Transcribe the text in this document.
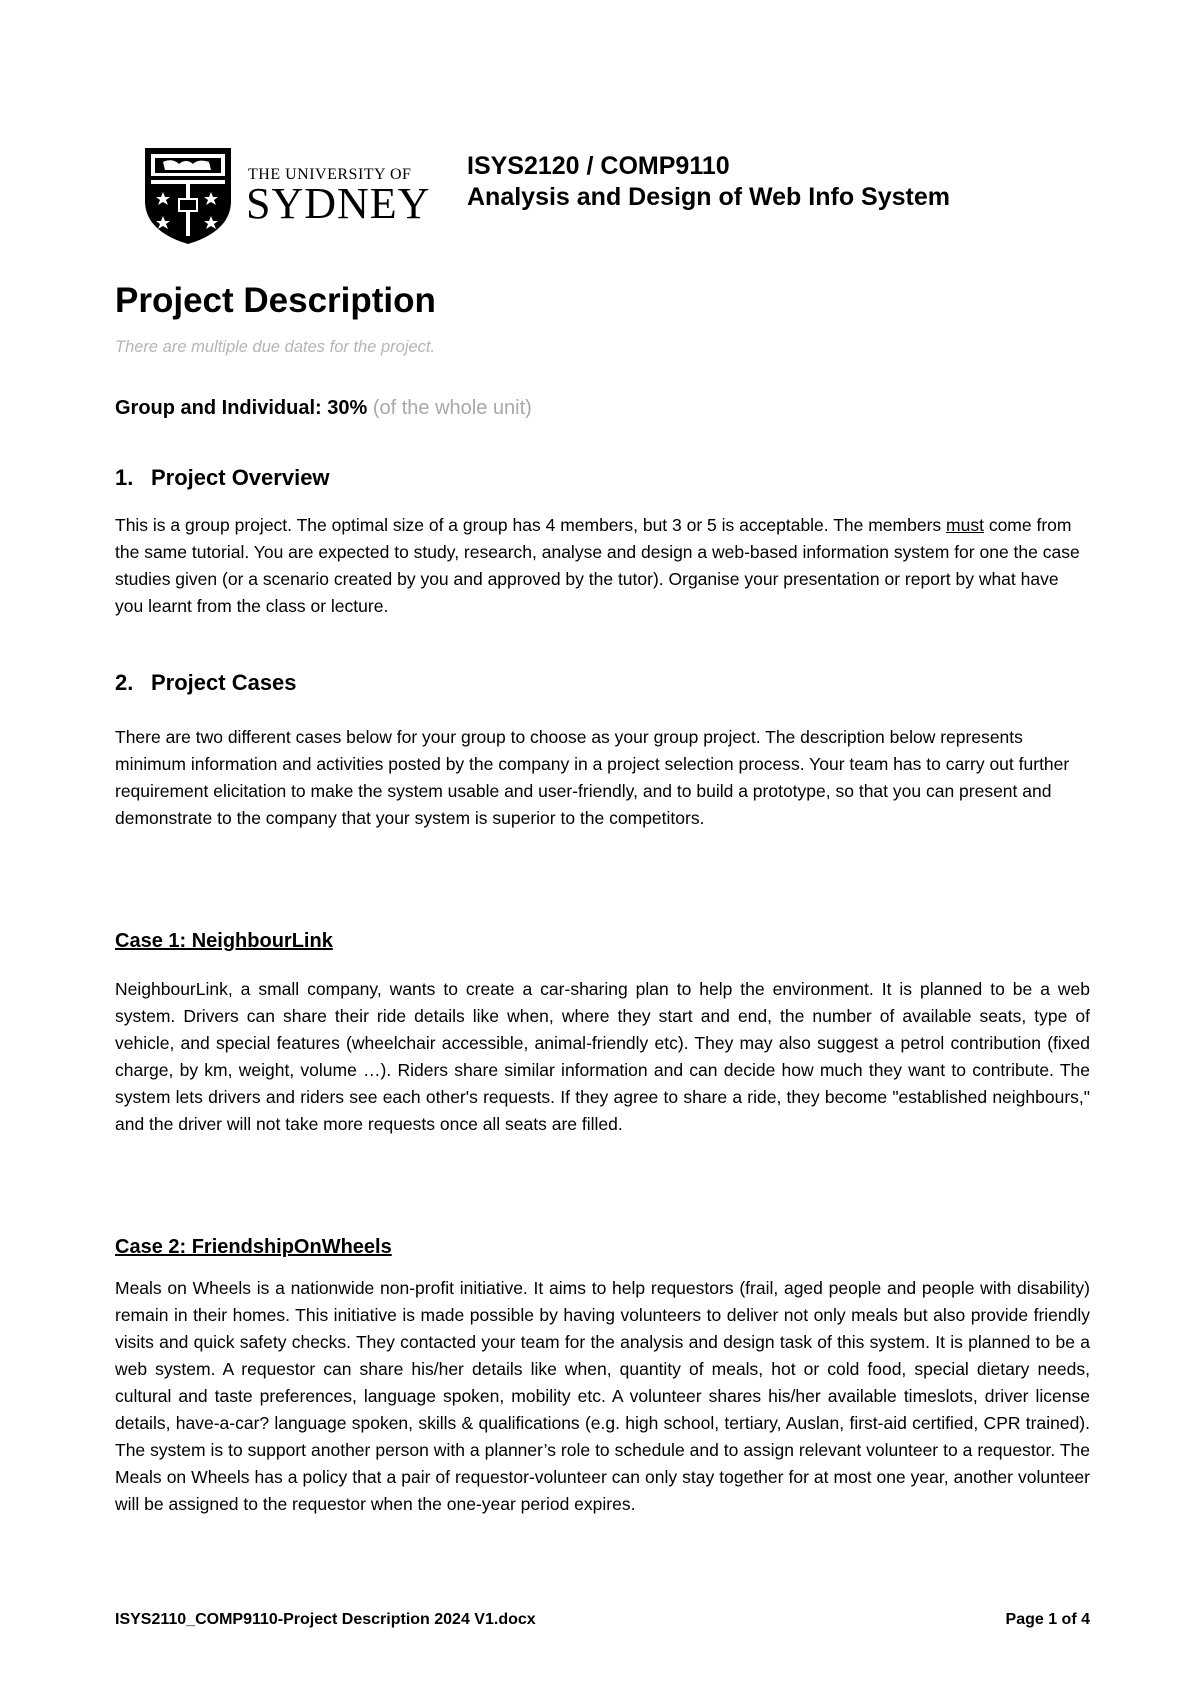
THE UNIVERSITY OF
SYDNEY
ISYS2120 / COMP9110
Analysis and Design of Web Info System
Project Description
There are multiple due dates for the project.
Group and Individual: 30% (of the whole unit)
1. Project Overview

This is a group project. The optimal size of a group has 4 members, but 3 or 5 is acceptable. The members must come from the same tutorial. You are expected to study, research, analyse and design a web-based information system for one the case studies given (or a scenario created by you and approved by the tutor). Organise your presentation or report by what have you learnt from the class or lecture.

2. Project Cases

There are two different cases below for your group to choose as your group project. The description below represents minimum information and activities posted by the company in a project selection process. Your team has to carry out further requirement elicitation to make the system usable and user-friendly, and to build a prototype, so that you can present and demonstrate to the company that your system is superior to the competitors.

Case 1: NeighbourLink

NeighbourLink, a small company, wants to create a car-sharing plan to help the environment. It is planned to be a web system. Drivers can share their ride details like when, where they start and end, the number of available seats, type of vehicle, and special features (wheelchair accessible, animal-friendly etc). They may also suggest a petrol contribution (fixed charge, by km, weight, volume …). Riders share similar information and can decide how much they want to contribute. The system lets drivers and riders see each other's requests. If they agree to share a ride, they become "established neighbours," and the driver will not take more requests once all seats are filled.

Case 2: FriendshipOnWheels

Meals on Wheels is a nationwide non-profit initiative. It aims to help requestors (frail, aged people and people with disability) remain in their homes. This initiative is made possible by having volunteers to deliver not only meals but also provide friendly visits and quick safety checks. They contacted your team for the analysis and design task of this system. It is planned to be a web system. A requestor can share his/her details like when, quantity of meals, hot or cold food, special dietary needs, cultural and taste preferences, language spoken, mobility etc. A volunteer shares his/her available timeslots, driver license details, have-a-car? language spoken, skills & qualifications (e.g. high school, tertiary, Auslan, first-aid certified, CPR trained). The system is to support another person with a planner’s role to schedule and to assign relevant volunteer to a requestor. The Meals on Wheels has a policy that a pair of requestor-volunteer can only stay together for at most one year, another volunteer will be assigned to the requestor when the one-year period expires.

ISYS2110_COMP9110-Project Description 2024 V1.docx	Page 1 of 4
